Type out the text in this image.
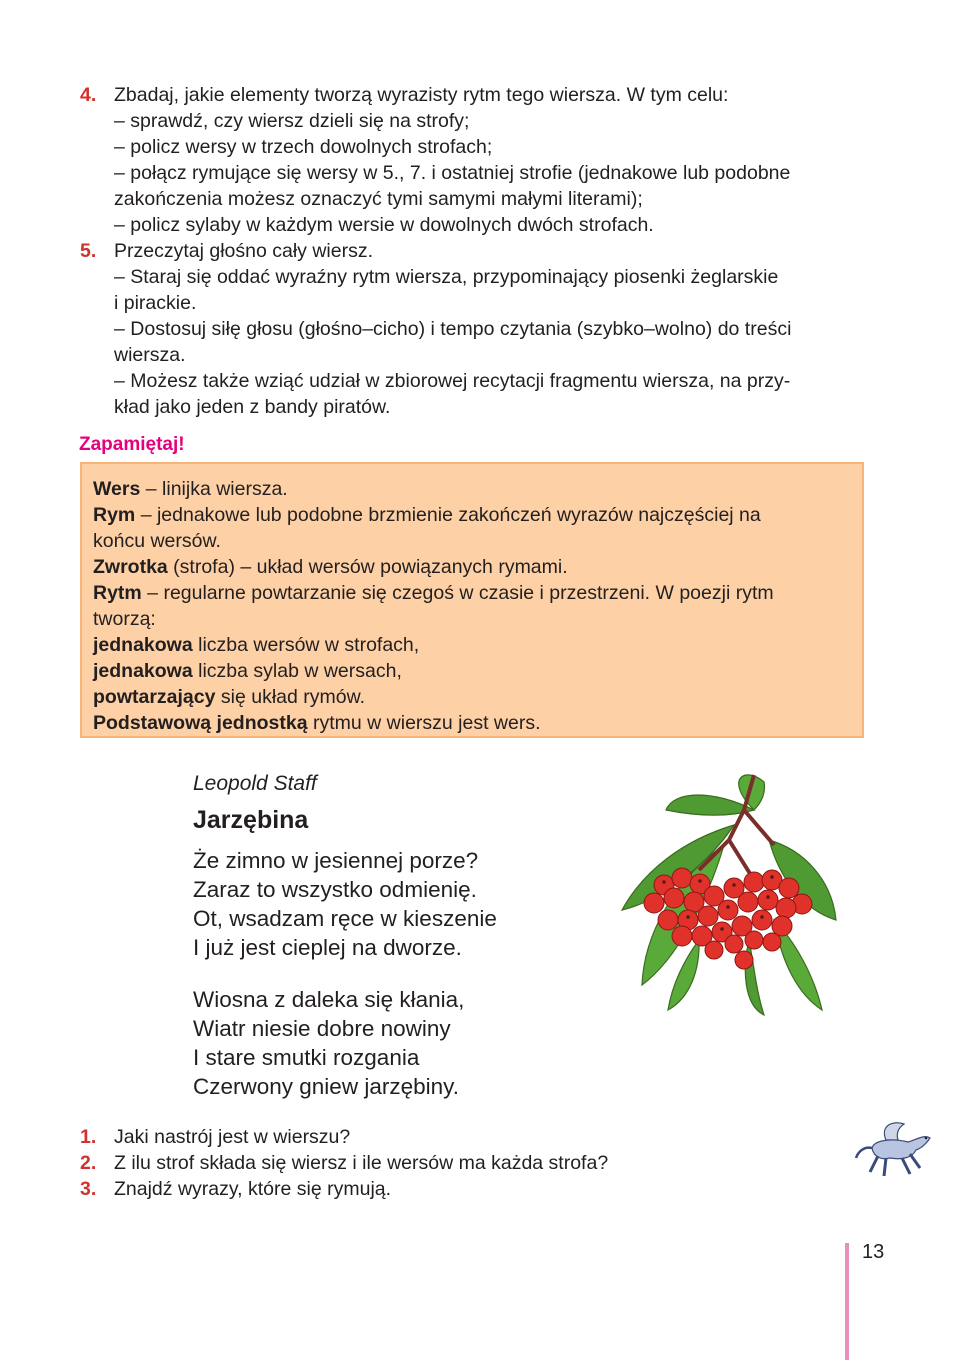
4. Zbadaj, jakie elementy tworzą wyrazisty rytm tego wiersza. W tym celu:
– sprawdź, czy wiersz dzieli się na strofy;
– policz wersy w trzech dowolnych strofach;
– połącz rymujące się wersy w 5., 7. i ostatniej strofie (jednakowe lub podobne
zakończenia możesz oznaczyć tymi samymi małymi literami);
– policz sylaby w każdym wersie w dowolnych dwóch strofach.
5. Przeczytaj głośno cały wiersz.
– Staraj się oddać wyraźny rytm wiersza, przypominający piosenki żeglarskie
i pirackie.
– Dostosuj siłę głosu (głośno–cicho) i tempo czytania (szybko–wolno) do treści
wiersza.
– Możesz także wziąć udział w zbiorowej recytacji fragmentu wiersza, na przy-
kład jako jeden z bandy piratów.
Zapamiętaj!
Wers – linijka wiersza.
Rym – jednakowe lub podobne brzmienie zakończeń wyrazów najczęściej na
końcu wersów.
Zwrotka (strofa) – układ wersów powiązanych rymami.
Rytm – regularne powtarzanie się czegoś w czasie i przestrzeni. W poezji rytm
tworzą:
jednakowa liczba wersów w strofach,
jednakowa liczba sylab w wersach,
powtarzający się układ rymów.
Podstawową jednostką rytmu w wierszu jest wers.
Leopold Staff
Jarzębina
Że zimno w jesiennej porze?
Zaraz to wszystko odmienię.
Ot, wsadzam ręce w kieszenie
I już jest cieplej na dworze.
Wiosna z daleka się kłania,
Wiatr niesie dobre nowiny
I stare smutki rozgania
Czerwony gniew jarzębiny.
1. Jaki nastrój jest w wierszu?
2. Z ilu strof składa się wiersz i ile wersów ma każda strofa?
3. Znajdź wyrazy, które się rymują.
13
